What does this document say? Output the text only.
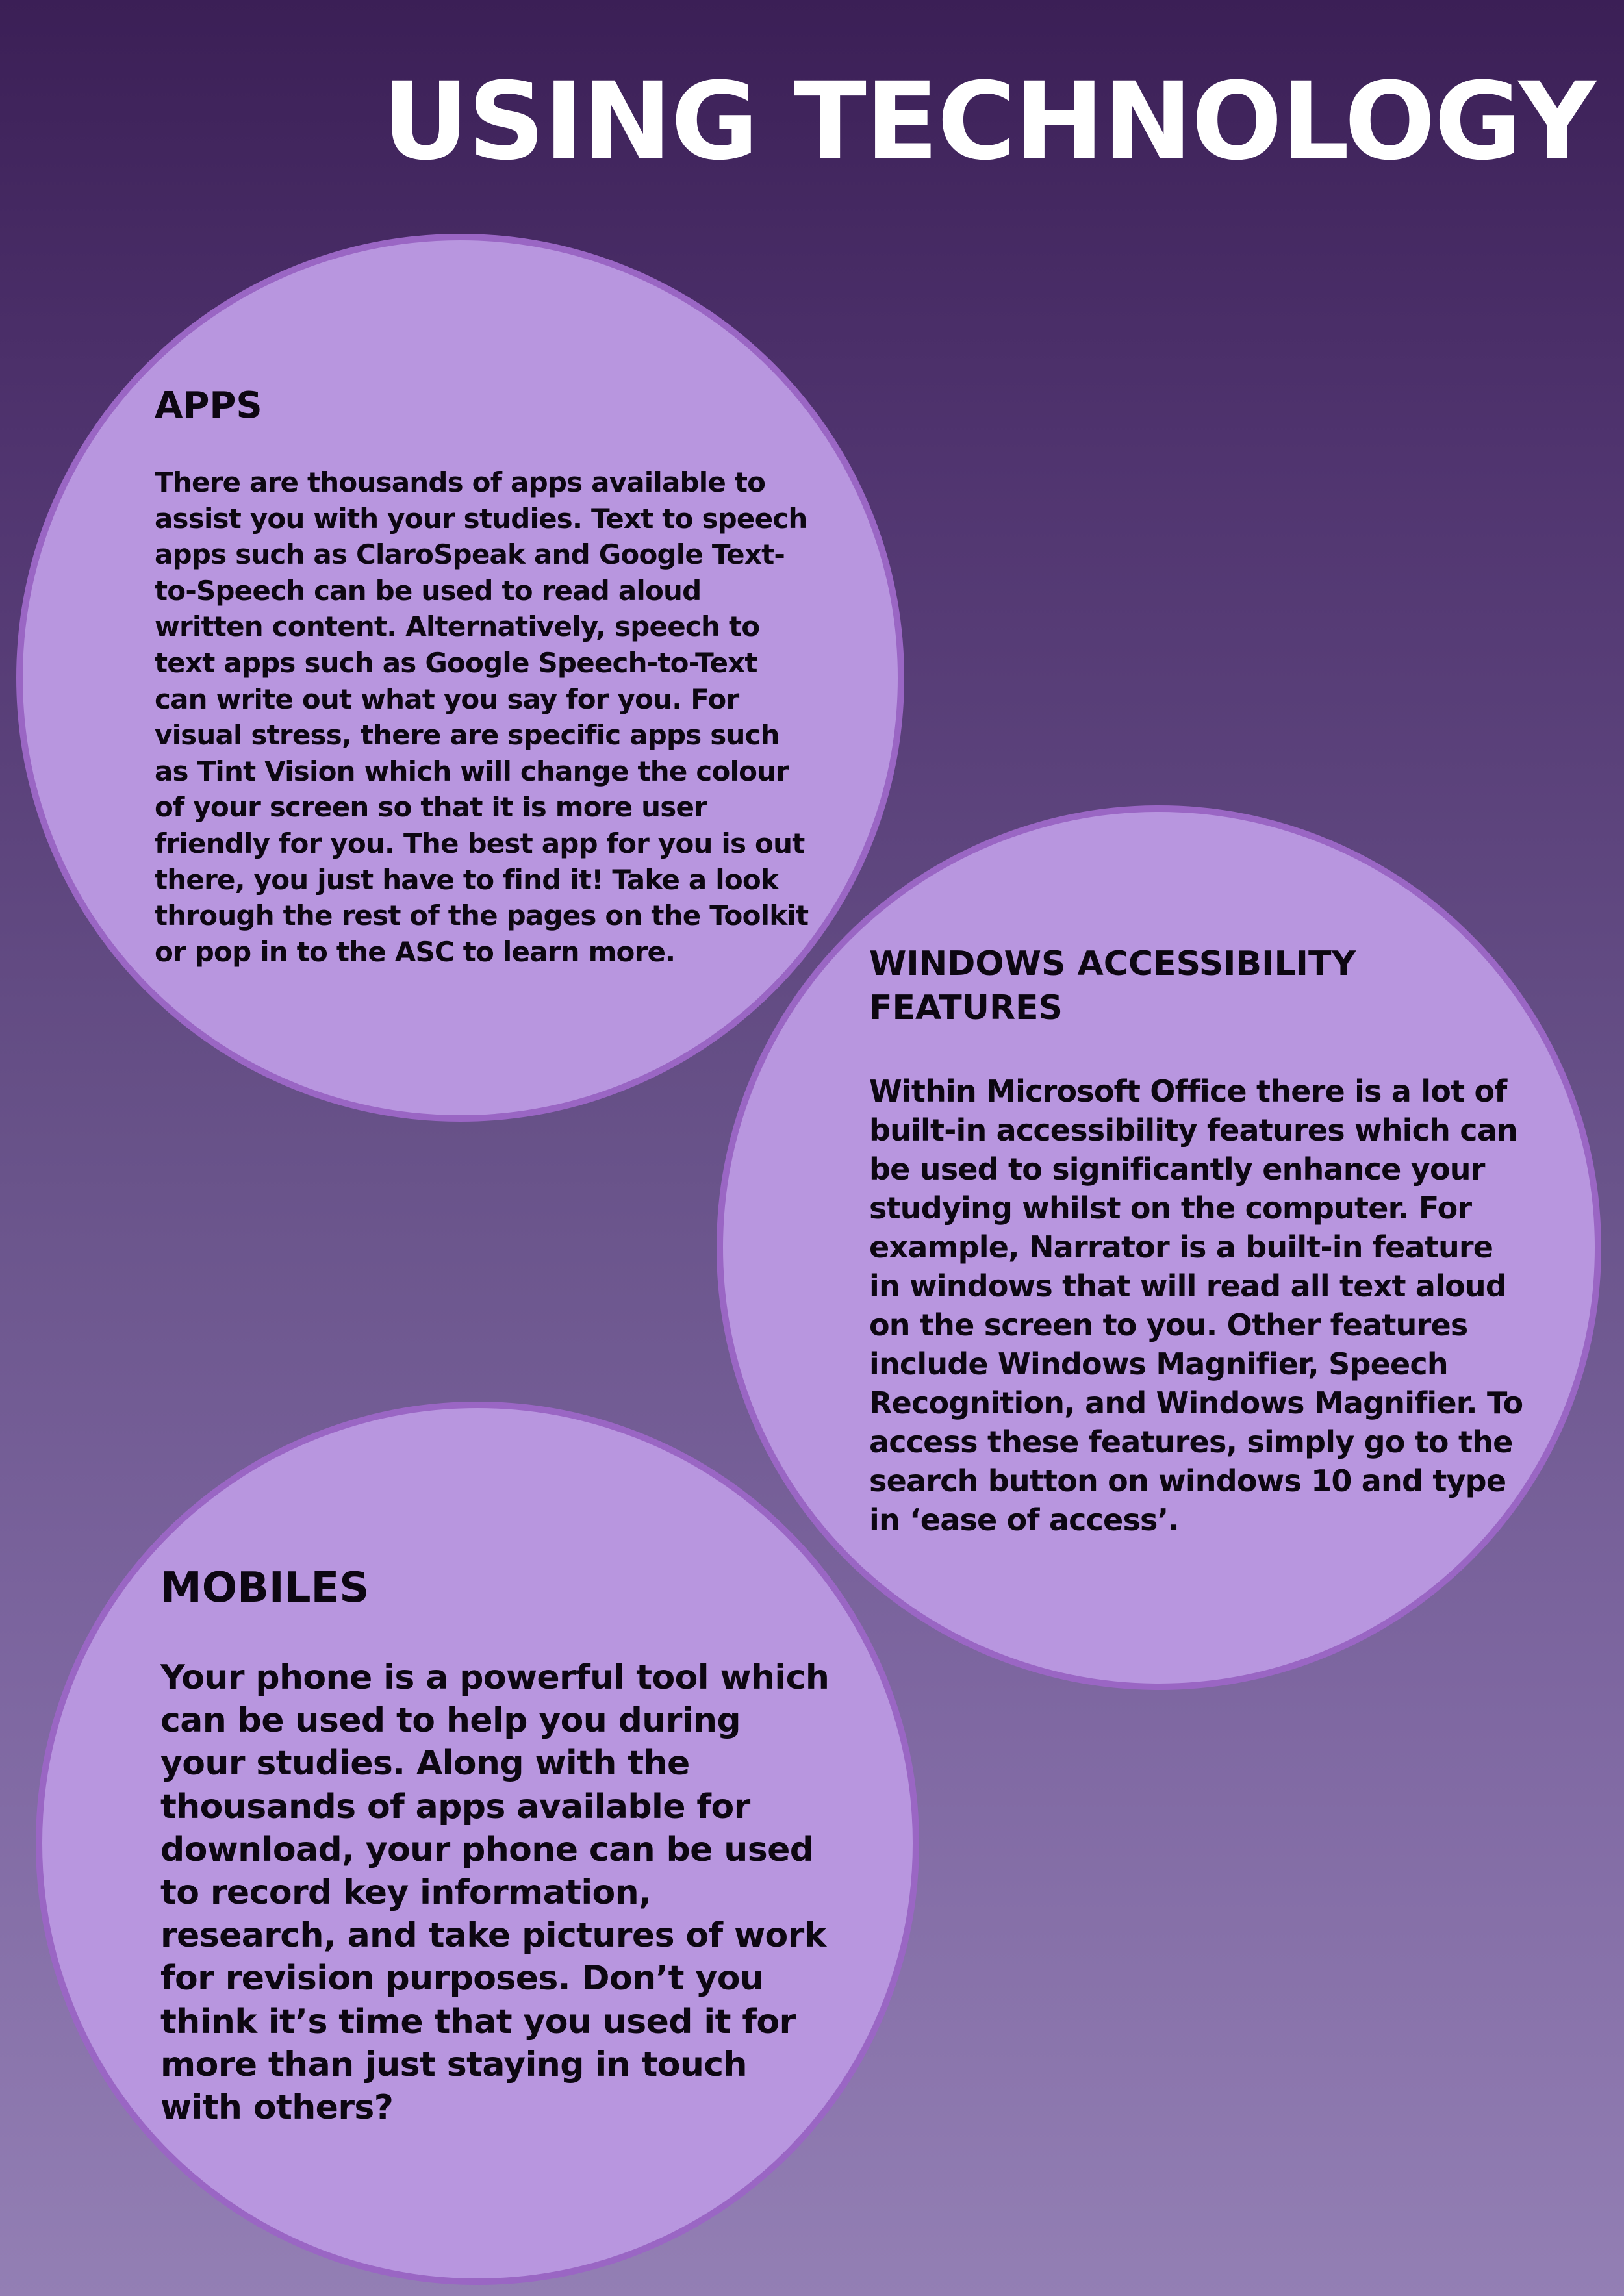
USING TECHNOLOGY
APPS

There are thousands of apps available to assist you with your studies. Text to speech apps such as ClaroSpeak and Google Text-to-Speech can be used to read aloud written content. Alternatively, speech to text apps such as Google Speech-to-Text can write out what you say for you. For visual stress, there are specific apps such as Tint Vision which will change the colour of your screen so that it is more user friendly for you. The best app for you is out there, you just have to find it! Take a look through the rest of the pages on the Toolkit or pop in to the ASC to learn more.	WINDOWS ACCESSIBILITY FEATURES

Within Microsoft Office there is a lot of built-in accessibility features which can be used to significantly enhance your studying whilst on the computer. For example, Narrator is a built-in feature in windows that will read all text aloud on the screen to you. Other features include Windows Magnifier, Speech Recognition, and Windows Magnifier. To access these features, simply go to the search button on windows 10 and type in ‘ease of access’.

MOBILES

Your phone is a powerful tool which can be used to help you during your studies. Along with the thousands of apps available for download, your phone can be used to record key information, research, and take pictures of work for revision purposes. Don’t you think it’s time that you used it for more than just staying in touch with others?
